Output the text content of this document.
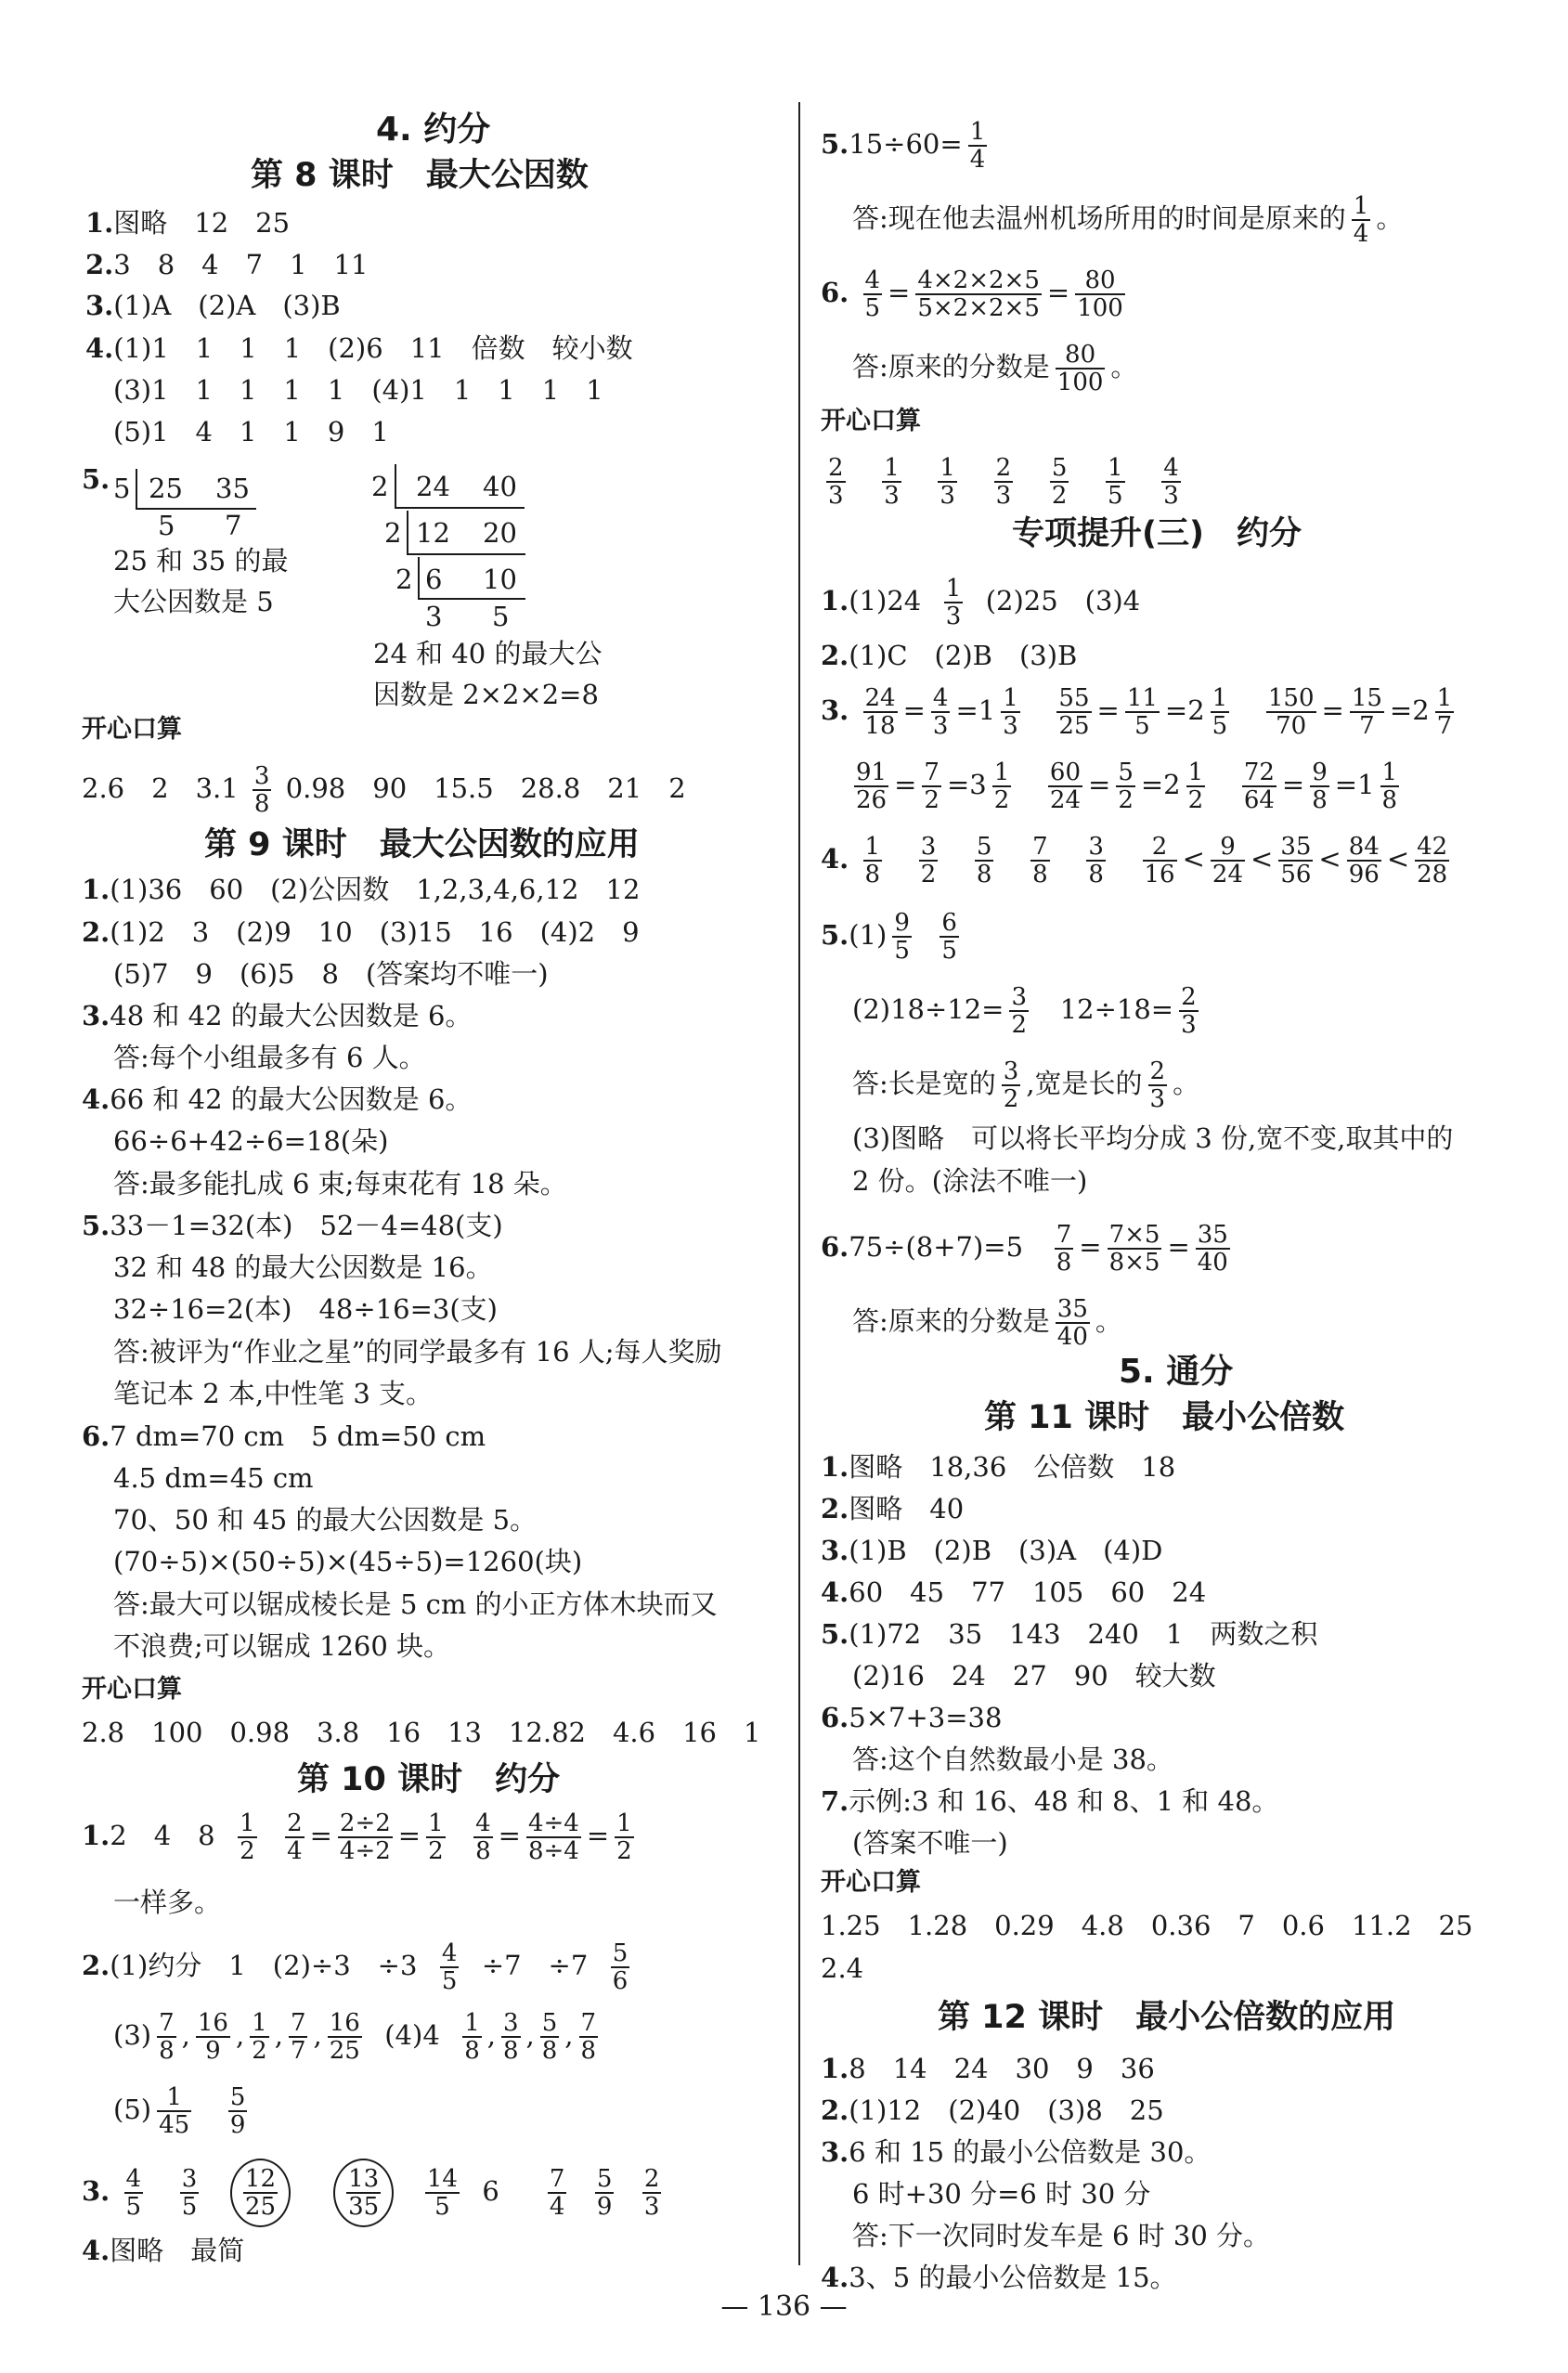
4. 约分
第 8 课时　最大公因数
1.图略　12　25
2.3　8　4　7　1　11
3.(1)A　(2)A　(3)B
4.(1)1　1　1　1　(2)6　11　倍数　较小数
(3)1　1　1　1　1　(4)1　1　1　1　1
(5)1　4　1　1　9　1
5. 5 25 35
5 7
25 和 35 的最
大公因数是 5
2
2
2
24 40
12 20
6 10
3 5
24 和 40 的最大公
因数是 2×2×2=8
开心口算
2.6　2　$3.1 \frac{3}{8} 0.98$　90　15.5　28.8　21　2
第 9 课时　最大公因数的应用
1.(1)36　60　(2)公因数　1,2,3,4,6,12　12
2.(1)2　3　(2)9　10　(3)15　16　(4)2　9
(5)7　9　(6)5　8　(答案均不唯一)
3.48 和 42 的最大公因数是 6。
答:每个小组最多有 6 人。
4.66 和 42 的最大公因数是 6。
66÷6+42÷6=18(朵)
答:最多能扎成 6 束;每束花有 18 朵。
5.33－1=32(本)　52－4=48(支)
32 和 48 的最大公因数是 16。
32÷16=2(本)　48÷16=3(支)
答:被评为“作业之星”的同学最多有 16 人;每人奖励
笔记本 2 本,中性笔 3 支。
6.7 dm=70 cm　5 dm=50 cm
4.5 dm=45 cm
70、50 和 45 的最大公因数是 5。
(70÷5)×(50÷5)×(45÷5)=1260(块)
答:最大可以锯成棱长是 5 cm 的小正方体木块而又
不浪费;可以锯成 1260 块。
开心口算
2.8　100　0.98　3.8　16　13　12.82　4.6　16　1
第 10 课时　约分
1.2　4　$8 \frac{1}{2}$
$\frac{2}{4} = \frac{2\div 2}{4\div 2} = \frac{1}{2}$
$\frac{4}{8} = \frac{4\div 4}{8\div 4} = \frac{1}{2}$
一样多。
2.(1)约分　1　(2)÷3　$\div 3 \frac{4}{5} \div 7$　$\div 7 \frac{5}{6}$
$(3) \frac{7}{8}$ , $\frac{16}{9}$ , $\frac{1}{2}$ , $\frac{7}{7}$ , $\frac{16}{25} (4)4 \frac{1}{8}$ , $\frac{3}{8}$ , $\frac{5}{8}$ , $\frac{7}{8}$
$(5) \frac{1}{45}$
$\frac{5}{9}$
3. $\frac{4}{5}$
$\frac{3}{5}$
$\frac{12}{25}$
	$\frac{13}{35}$
$\frac{14}{5} 6 \frac{7}{4}$
$\frac{5}{9}$
$\frac{2}{3}$
4.图略　最简
$5.15\div 60= \frac{1}{4}$
答:现在他去温州机场所用的时间是原来的 $\frac{1}{4}$ 。
6. $\frac{4}{5} = \frac{4\times 2\times 2\times 5}{5\times 2\times 2\times 5} = \frac{80}{100}$
答:原来的分数是 $\frac{80}{100}$ 。
开心口算
$\frac{2}{3}$
$\frac{1}{3}$
$\frac{1}{3}$
$\frac{2}{3}$
$\frac{5}{2}$
$\frac{1}{5}$
$\frac{4}{3}$
专项提升(三)　约分
$1.(1)24 \frac{1}{3} (2)25$　(3)4
2.(1)C　(2)B　(3)B
3. $\frac{24}{18} = \frac{4}{3} =1 \frac{1}{3}$
$\frac{55}{25} = \frac{11}{5} =2 \frac{1}{5}$
$\frac{150}{70} = \frac{15}{7} =2 \frac{1}{7}$
$\frac{91}{26} = \frac{7}{2} =3 \frac{1}{2}$
$\frac{60}{24} = \frac{5}{2} =2 \frac{1}{2}$
$\frac{72}{64} = \frac{9}{8} =1 \frac{1}{8}$
4. $\frac{1}{8}$
$\frac{3}{2}$
$\frac{5}{8}$
$\frac{7}{8}$
$\frac{3}{8}$
$\frac{2}{16} < \frac{9}{24} < \frac{35}{56} < \frac{84}{96} < \frac{42}{28}$
$5.(1) \frac{9}{5}$
$\frac{6}{5}$
$(2)18\div 12= \frac{3}{2} 12\div 18= \frac{2}{3}$
答:长是宽的 $\frac{3}{2}$ ,宽是长的 $\frac{2}{3}$ 。
(3)图略　可以将长平均分成 3 份,宽不变,取其中的
2 份。(涂法不唯一)
$6.75\div(8+7)=5 \frac{7}{8} = \frac{7\times 5}{8\times 5} = \frac{35}{40}$
答:原来的分数是 $\frac{35}{40}$ 。
5. 通分
第 11 课时　最小公倍数
1.图略　18,36　公倍数　18
2.图略　40
3.(1)B　(2)B　(3)A　(4)D
4.60　45　77　105　60　24
5.(1)72　35　143　240　1　两数之积
(2)16　24　27　90　较大数
6.5×7+3=38
答:这个自然数最小是 38。
7.示例:3 和 16、48 和 8、1 和 48。
(答案不唯一)
开心口算
1.25　1.28　0.29　4.8　0.36　7　0.6　11.2　25
2.4
第 12 课时　最小公倍数的应用
1.8　14　24　30　9　36
2.(1)12　(2)40　(3)8　25
3.6 和 15 的最小公倍数是 30。
6 时+30 分=6 时 30 分
答:下一次同时发车是 6 时 30 分。
4.3、5 的最小公倍数是 15。
— 136 —
